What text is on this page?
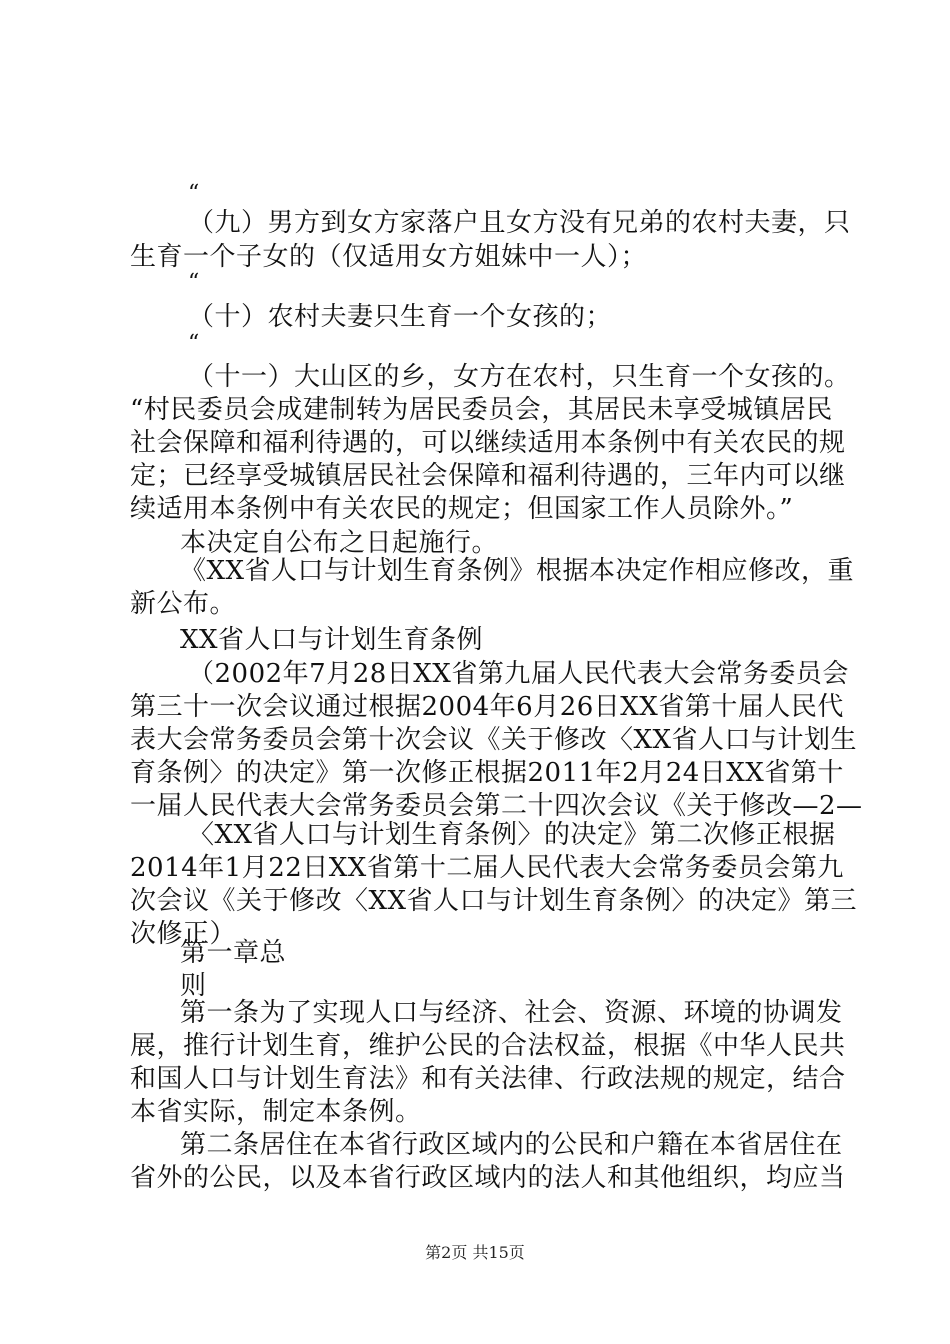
“
（九）男方到女方家落户且女方没有兄弟的农村夫妻，只
生育一个子女的（仅适用女方姐妹中一人）；
“
（十）农村夫妻只生育一个女孩的；
“
（十一）大山区的乡，女方在农村，只生育一个女孩的。
“村民委员会成建制转为居民委员会，其居民未享受城镇居民
社会保障和福利待遇的，可以继续适用本条例中有关农民的规
定；已经享受城镇居民社会保障和福利待遇的，三年内可以继
续适用本条例中有关农民的规定；但国家工作人员除外。”
本决定自公布之日起施行。
《XX省人口与计划生育条例》根据本决定作相应修改，重
新公布。
XX省人口与计划生育条例
（2002年7月28日XX省第九届人民代表大会常务委员会
第三十一次会议通过根据2004年6月26日XX省第十届人民代
表大会常务委员会第十次会议《关于修改〈XX省人口与计划生
育条例〉的决定》第一次修正根据2011年2月24日XX省第十
一届人民代表大会常务委员会第二十四次会议《关于修改—2—
〈XX省人口与计划生育条例〉的决定》第二次修正根据
2014年1月22日XX省第十二届人民代表大会常务委员会第九
次会议《关于修改〈XX省人口与计划生育条例〉的决定》第三
次修正）
第一章总
则
第一条为了实现人口与经济、社会、资源、环境的协调发
展，推行计划生育，维护公民的合法权益，根据《中华人民共
和国人口与计划生育法》和有关法律、行政法规的规定，结合
本省实际，制定本条例。
第二条居住在本省行政区域内的公民和户籍在本省居住在
省外的公民，以及本省行政区域内的法人和其他组织，均应当
第2页 共15页
